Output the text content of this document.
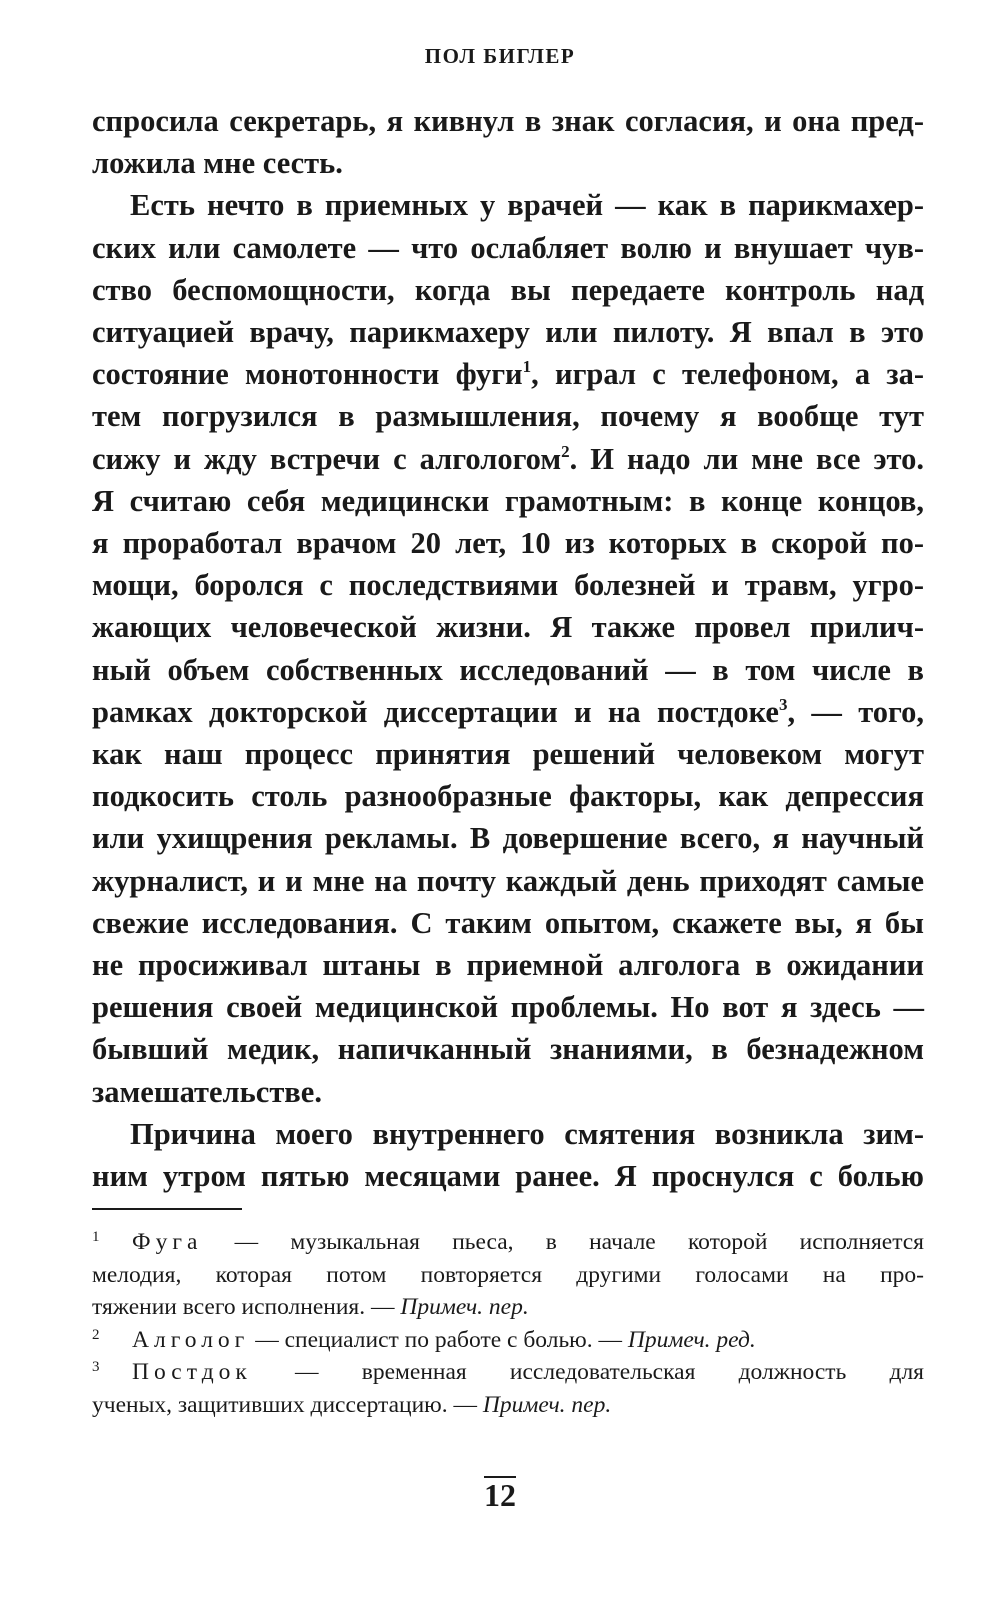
ПОЛ БИГЛЕР
спросила секретарь, я кивнул в знак согласия, и она пред-
ложила мне сесть.
Есть нечто в приемных у врачей — как в парикмахер-
ских или самолете — что ослабляет волю и внушает чув-
ство беспомощности, когда вы передаете контроль над
ситуацией врачу, парикмахеру или пилоту. Я впал в это
состояние монотонности фуги$^1$, играл с телефоном, а за-
тем погрузился в размышления, почему я вообще тут
сижу и жду встречи с алгологом$^2$. И надо ли мне все это.
Я считаю себя медицински грамотным: в конце концов,
я проработал врачом 20 лет, 10 из которых в скорой по-
мощи, боролся с последствиями болезней и травм, угро-
жающих человеческой жизни. Я также провел прилич-
ный объем собственных исследований — в том числе в
рамках докторской диссертации и на постдоке$^3$, — того,
как наш процесс принятия решений человеком могут
подкосить столь разнообразные факторы, как депрессия
или ухищрения рекламы. В довершение всего, я научный
журналист, и и мне на почту каждый день приходят самые
свежие исследования. С таким опытом, скажете вы, я бы
не просиживал штаны в приемной алголога в ожидании
решения своей медицинской проблемы. Но вот я здесь —
бывший медик, напичканный знаниями, в безнадежном
замешательстве.
Причина моего внутреннего смятения возникла зим-
ним утром пятью месяцами ранее. Я проснулся с болью
1 Фуга — музыкальная пьеса, в начале которой исполняется
мелодия, которая потом повторяется другими голосами на про-
тяжении всего исполнения. — Примеч. пер.
2 Алголог — специалист по работе с болью. — Примеч. ред.
3 Постдок — временная исследовательская должность для
ученых, защитивших диссертацию. — Примеч. пер.
12
